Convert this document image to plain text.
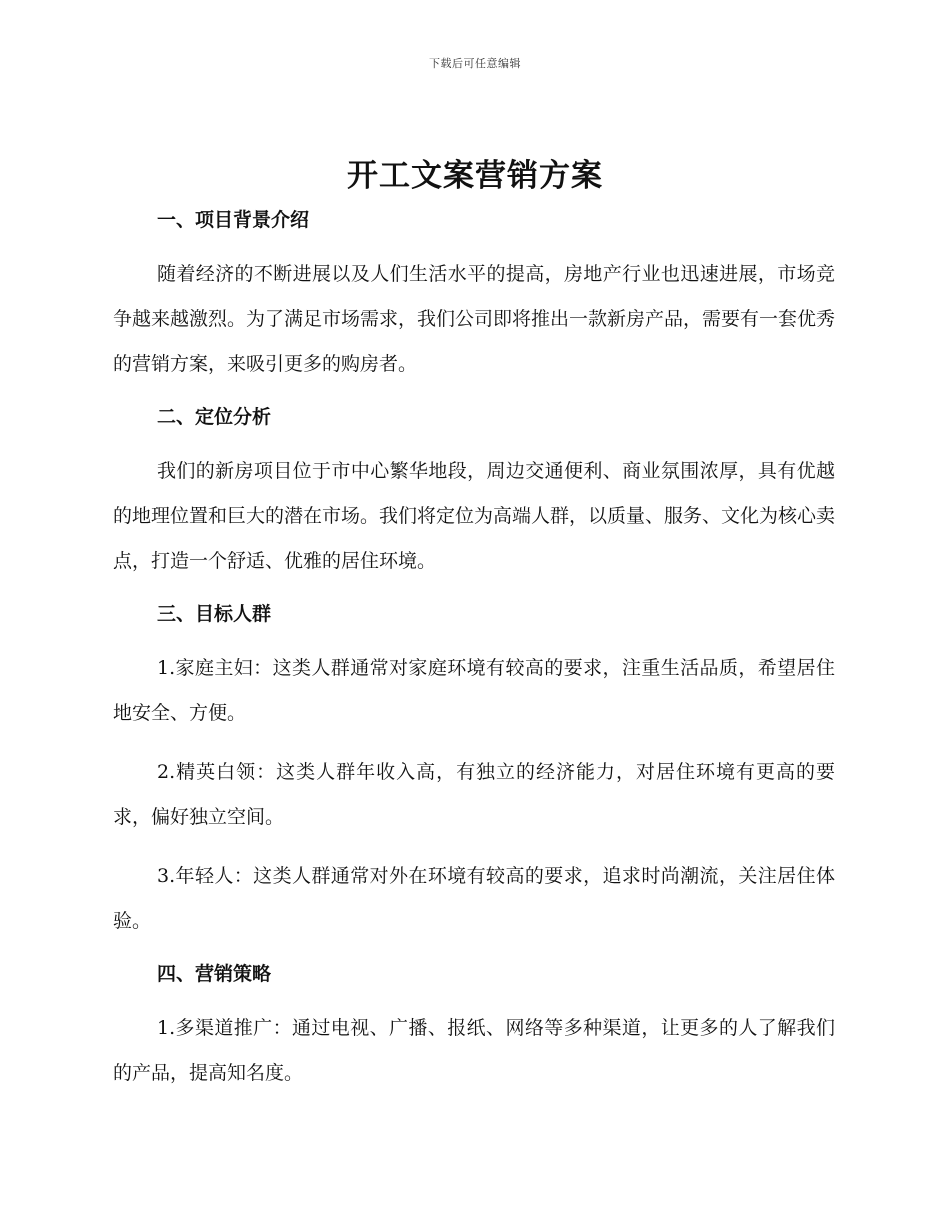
下载后可任意编辑
开工文案营销方案
一、项目背景介绍

随着经济的不断进展以及人们生活水平的提高，房地产行业也迅速进展，市场竞争越来越激烈。为了满足市场需求，我们公司即将推出一款新房产品，需要有一套优秀的营销方案，来吸引更多的购房者。

二、定位分析

我们的新房项目位于市中心繁华地段，周边交通便利、商业氛围浓厚，具有优越的地理位置和巨大的潜在市场。我们将定位为高端人群，以质量、服务、文化为核心卖点，打造一个舒适、优雅的居住环境。

三、目标人群

1.家庭主妇：这类人群通常对家庭环境有较高的要求，注重生活品质，希望居住地安全、方便。

2.精英白领：这类人群年收入高，有独立的经济能力，对居住环境有更高的要求，偏好独立空间。

3.年轻人：这类人群通常对外在环境有较高的要求，追求时尚潮流，关注居住体验。

四、营销策略

1.多渠道推广：通过电视、广播、报纸、网络等多种渠道，让更多的人了解我们的产品，提高知名度。
